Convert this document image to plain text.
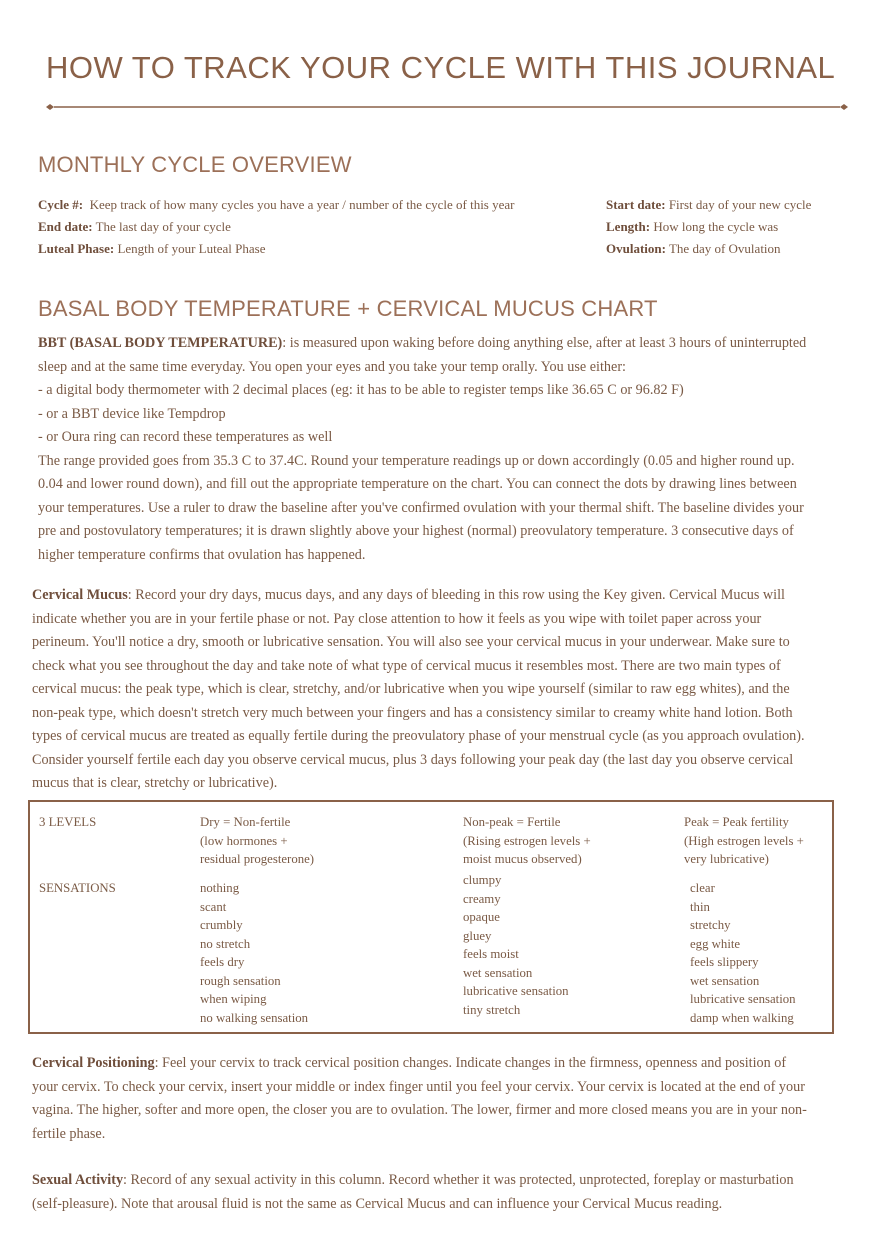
HOW TO TRACK YOUR CYCLE WITH THIS JOURNAL
MONTHLY CYCLE OVERVIEW
Cycle #: Keep track of how many cycles you have a year / number of the cycle of this year
End date: The last day of your cycle
Luteal Phase: Length of your Luteal Phase
Start date: First day of your new cycle
Length: How long the cycle was
Ovulation: The day of Ovulation
BASAL BODY TEMPERATURE + CERVICAL MUCUS CHART
BBT (BASAL BODY TEMPERATURE): is measured upon waking before doing anything else, after at least 3 hours of uninterrupted
sleep and at the same time everyday. You open your eyes and you take your temp orally. You use either:
- a digital body thermometer with 2 decimal places (eg: it has to be able to register temps like 36.65 C or 96.82 F)
- or a BBT device like Tempdrop
- or Oura ring can record these temperatures as well
The range provided goes from 35.3 C to 37.4C. Round your temperature readings up or down accordingly (0.05 and higher round up.
0.04 and lower round down), and fill out the appropriate temperature on the chart. You can connect the dots by drawing lines between
your temperatures. Use a ruler to draw the baseline after you've confirmed ovulation with your thermal shift. The baseline divides your
pre and postovulatory temperatures; it is drawn slightly above your highest (normal) preovulatory temperature. 3 consecutive days of
higher temperature confirms that ovulation has happened.
Cervical Mucus: Record your dry days, mucus days, and any days of bleeding in this row using the Key given. Cervical Mucus will
indicate whether you are in your fertile phase or not. Pay close attention to how it feels as you wipe with toilet paper across your
perineum. You'll notice a dry, smooth or lubricative sensation. You will also see your cervical mucus in your underwear. Make sure to
check what you see throughout the day and take note of what type of cervical mucus it resembles most. There are two main types of
cervical mucus: the peak type, which is clear, stretchy, and/or lubricative when you wipe yourself (similar to raw egg whites), and the
non-peak type, which doesn't stretch very much between your fingers and has a consistency similar to creamy white hand lotion. Both
types of cervical mucus are treated as equally fertile during the preovulatory phase of your menstrual cycle (as you approach ovulation).
Consider yourself fertile each day you observe cervical mucus, plus 3 days following your peak day (the last day you observe cervical
mucus that is clear, stretchy or lubricative).
3 LEVELS
SENSATIONS
Dry = Non-fertile
(low hormones +
residual progesterone)
nothing
scant
crumbly
no stretch
feels dry
rough sensation
when wiping
no walking sensation
Non-peak = Fertile
(Rising estrogen levels +
moist mucus observed)
clumpy
creamy
opaque
gluey
feels moist
wet sensation
lubricative sensation
tiny stretch
Peak = Peak fertility
(High estrogen levels +
very lubricative)
clear
thin
stretchy
egg white
feels slippery
wet sensation
lubricative sensation
damp when walking
Cervical Positioning: Feel your cervix to track cervical position changes. Indicate changes in the firmness, openness and position of
your cervix. To check your cervix, insert your middle or index finger until you feel your cervix. Your cervix is located at the end of your
vagina. The higher, softer and more open, the closer you are to ovulation. The lower, firmer and more closed means you are in your non-
fertile phase.
Sexual Activity: Record of any sexual activity in this column. Record whether it was protected, unprotected, foreplay or masturbation
(self-pleasure). Note that arousal fluid is not the same as Cervical Mucus and can influence your Cervical Mucus reading.
